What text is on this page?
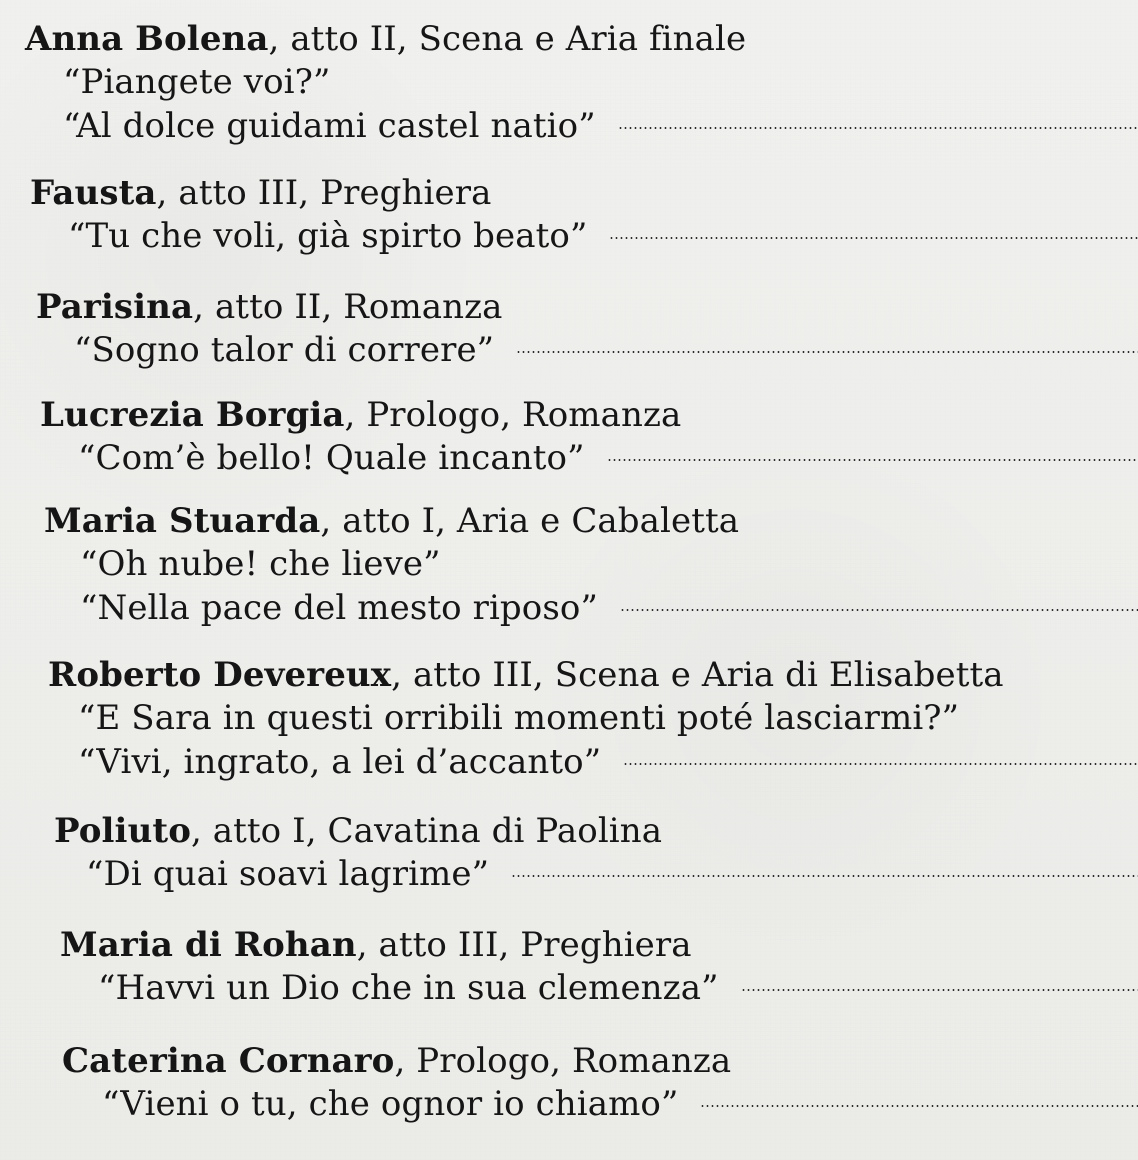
Anna Bolena, atto II, Scena e Aria finale
“Piangete voi?”
“Al dolce guidami castel natio”
Fausta, atto III, Preghiera
“Tu che voli, già spirto beato”
Parisina, atto II, Romanza
“Sogno talor di correre”
Lucrezia Borgia, Prologo, Romanza
“Com’è bello! Quale incanto”
Maria Stuarda, atto I, Aria e Cabaletta
“Oh nube! che lieve”
“Nella pace del mesto riposo”
Roberto Devereux, atto III, Scena e Aria di Elisabetta
“E Sara in questi orribili momenti poté lasciarmi?”
“Vivi, ingrato, a lei d’accanto”
Poliuto, atto I, Cavatina di Paolina
“Di quai soavi lagrime”
Maria di Rohan, atto III, Preghiera
“Havvi un Dio che in sua clemenza”
Caterina Cornaro, Prologo, Romanza
“Vieni o tu, che ognor io chiamo”
